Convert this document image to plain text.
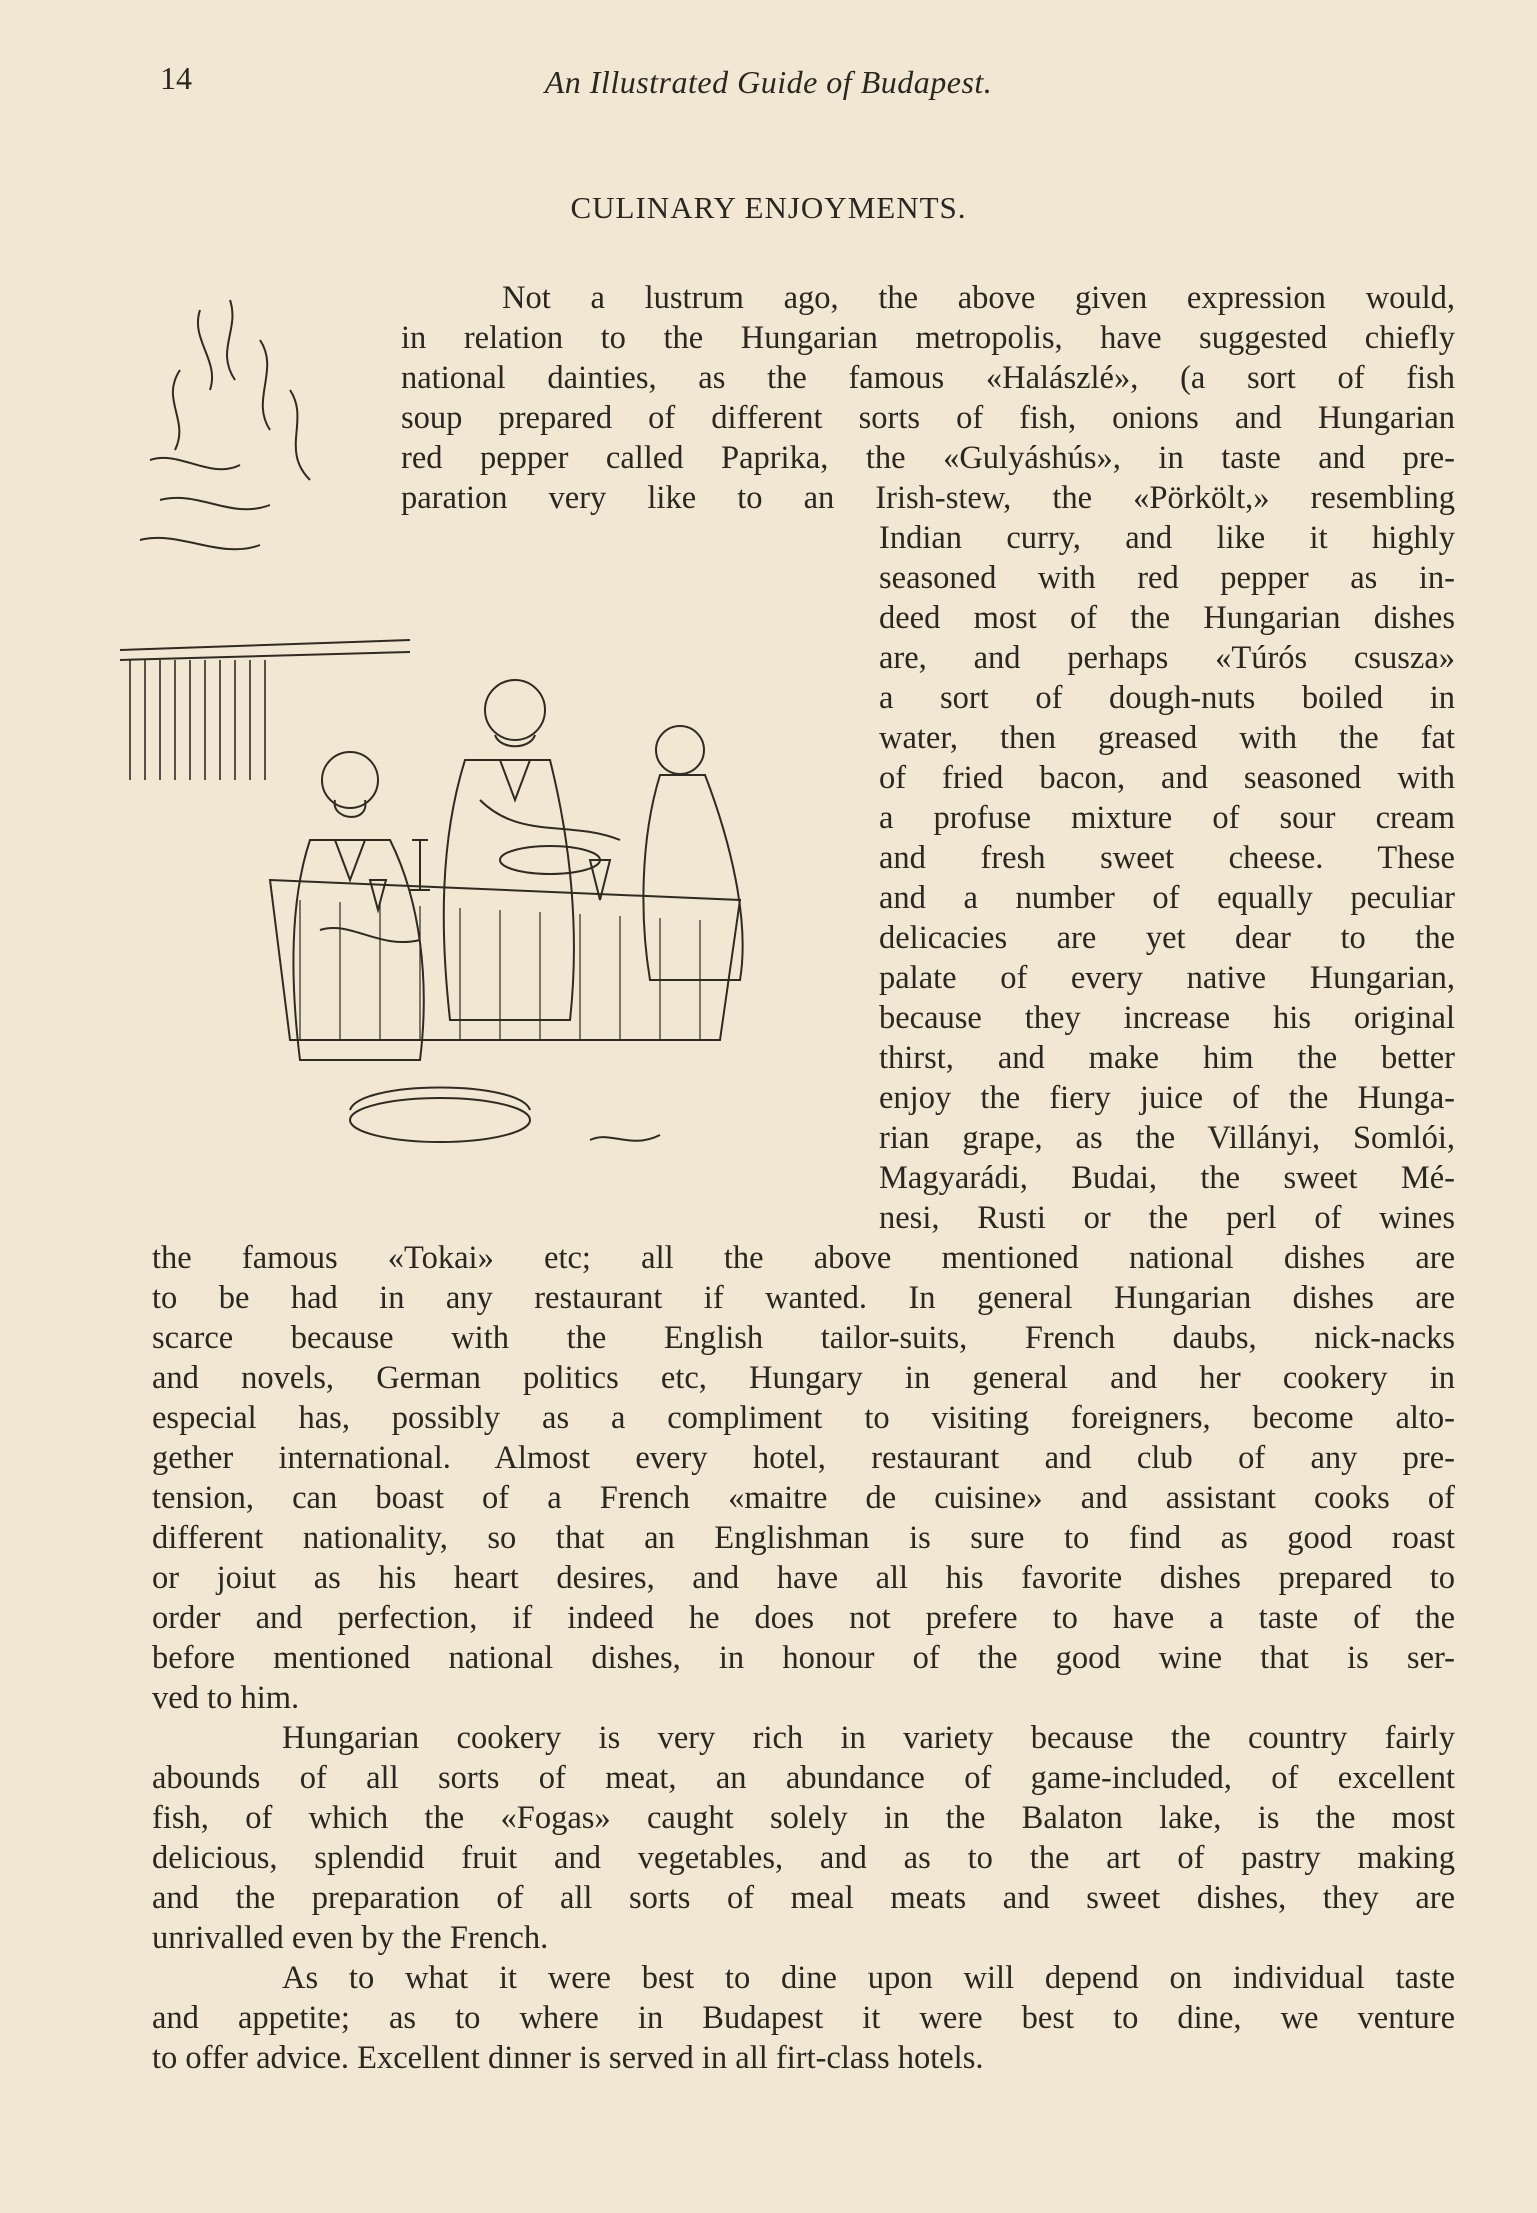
14	An Illustrated Guide of Budapest.
CULINARY ENJOYMENTS.
Not a lustrum ago, the above given expression would,
in relation to the Hungarian metropolis, have suggested chiefly
national dainties, as the famous «Halászlé», (a sort of fish
soup prepared of different sorts of fish, onions and Hungarian
red pepper called Paprika, the «Gulyáshús», in taste and pre-
paration very like to an Irish-stew, the «Pörkölt,» resembling
Indian curry, and like it highly
seasoned with red pepper as in-
deed most of the Hungarian dishes
are, and perhaps «Túrós csusza»
a sort of dough-nuts boiled in
water, then greased with the fat
of fried bacon, and seasoned with
a profuse mixture of sour cream
and fresh sweet cheese. These
and a number of equally peculiar
delicacies are yet dear to the
palate of every native Hungarian,
because they increase his original
thirst, and make him the better
enjoy the fiery juice of the Hunga-
rian grape, as the Villányi, Somlói,
Magyarádi, Budai, the sweet Mé-
nesi, Rusti or the perl of wines
the famous «Tokai» etc; all the above mentioned national dishes are
to be had in any restaurant if wanted. In general Hungarian dishes are
scarce because with the English tailor-suits, French daubs, nick-nacks
and novels, German politics etc, Hungary in general and her cookery in
especial has, possibly as a compliment to visiting foreigners, become alto-
gether international. Almost every hotel, restaurant and club of any pre-
tension, can boast of a French «maitre de cuisine» and assistant cooks of
different nationality, so that an Englishman is sure to find as good roast
or joiut as his heart desires, and have all his favorite dishes prepared to
order and perfection, if indeed he does not prefere to have a taste of the
before mentioned national dishes, in honour of the good wine that is ser-
ved to him.
Hungarian cookery is very rich in variety because the country fairly
abounds of all sorts of meat, an abundance of game-included, of excellent
fish, of which the «Fogas» caught solely in the Balaton lake, is the most
delicious, splendid fruit and vegetables, and as to the art of pastry making
and the preparation of all sorts of meal meats and sweet dishes, they are
unrivalled even by the French.
As to what it were best to dine upon will depend on individual taste
and appetite; as to where in Budapest it were best to dine, we venture
to offer advice. Excellent dinner is served in all firt-class hotels.
